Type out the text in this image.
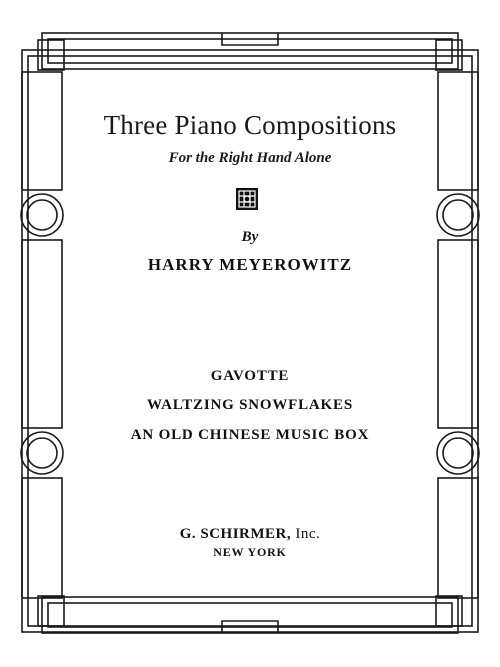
Three Piano Compositions
For the Right Hand Alone
By
HARRY MEYEROWITZ
GAVOTTE
WALTZING SNOWFLAKES
AN OLD CHINESE MUSIC BOX
G. SCHIRMER, Inc.
NEW YORK
